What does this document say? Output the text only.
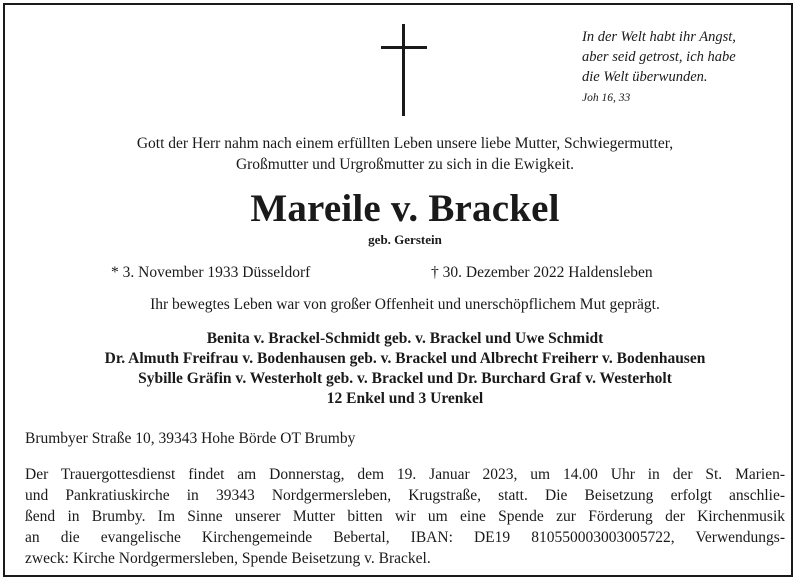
In der Welt habt ihr Angst,
aber seid getrost, ich habe
die Welt überwunden.
Joh 16, 33
Gott der Herr nahm nach einem erfüllten Leben unsere liebe Mutter, Schwiegermutter,
Großmutter und Urgroßmutter zu sich in die Ewigkeit.
Mareile v. Brackel
geb. Gerstein
* 3. November 1933 Düsseldorf	† 30. Dezember 2022 Haldensleben
Ihr bewegtes Leben war von großer Offenheit und unerschöpflichem Mut geprägt.
Benita v. Brackel-Schmidt geb. v. Brackel und Uwe Schmidt
Dr. Almuth Freifrau v. Bodenhausen geb. v. Brackel und Albrecht Freiherr v. Bodenhausen
Sybille Gräfin v. Westerholt geb. v. Brackel und Dr. Burchard Graf v. Westerholt
12 Enkel und 3 Urenkel
Brumbyer Straße 10, 39343 Hohe Börde OT Brumby
Der Trauergottesdienst findet am Donnerstag, dem 19. Januar 2023, um 14.00 Uhr in der St. Marien-
und Pankratiuskirche in 39343 Nordgermersleben, Krugstraße, statt. Die Beisetzung erfolgt anschlie-
ßend in Brumby. Im Sinne unserer Mutter bitten wir um eine Spende zur Förderung der Kirchenmusik
an die evangelische Kirchengemeinde Bebertal, IBAN: DE19 810550003003005722, Verwendungs-
zweck: Kirche Nordgermersleben, Spende Beisetzung v. Brackel.
